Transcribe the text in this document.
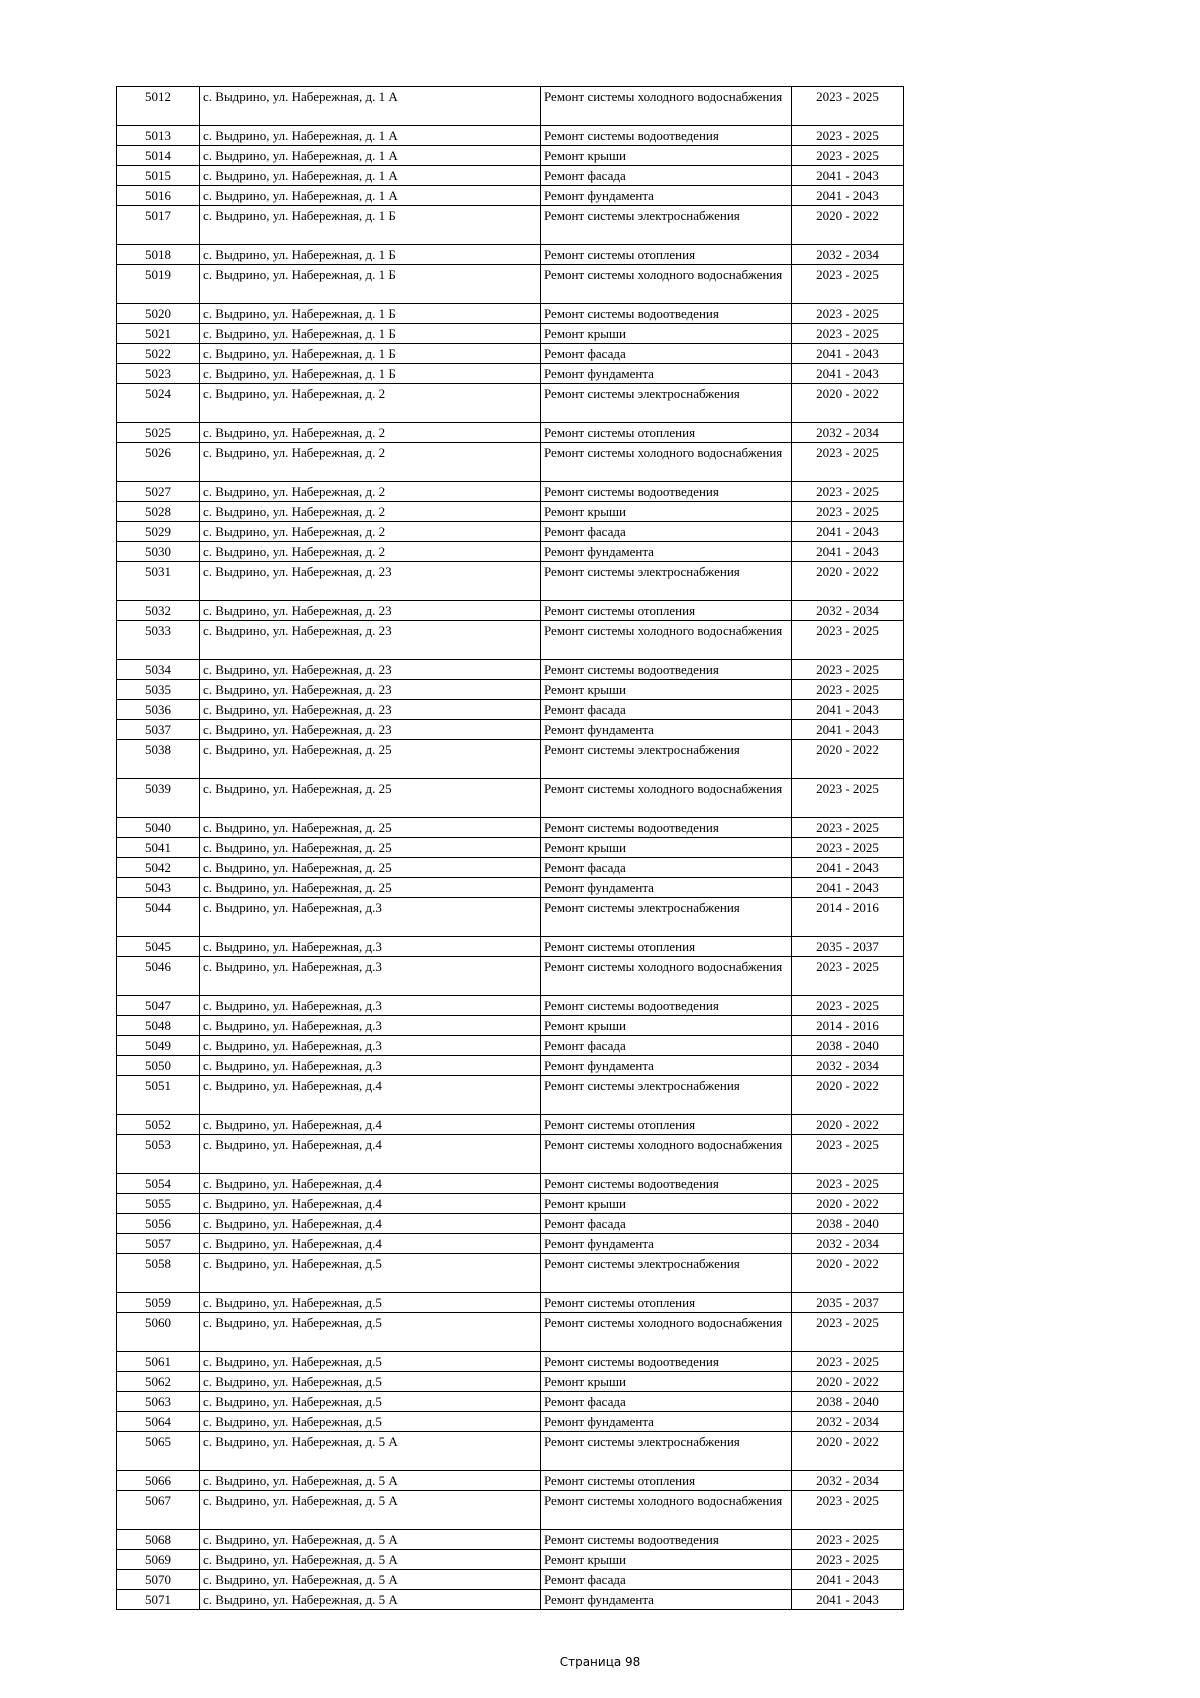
5012	с. Выдрино, ул. Набережная, д. 1 А	Ремонт системы холодного водоснабжения	2023 - 2025
5013	с. Выдрино, ул. Набережная, д. 1 А	Ремонт системы водоотведения	2023 - 2025
5014	с. Выдрино, ул. Набережная, д. 1 А	Ремонт крыши	2023 - 2025
5015	с. Выдрино, ул. Набережная, д. 1 А	Ремонт фасада	2041 - 2043
5016	с. Выдрино, ул. Набережная, д. 1 А	Ремонт фундамента	2041 - 2043
5017	с. Выдрино, ул. Набережная, д. 1 Б	Ремонт системы электроснабжения	2020 - 2022
5018	с. Выдрино, ул. Набережная, д. 1 Б	Ремонт системы отопления	2032 - 2034
5019	с. Выдрино, ул. Набережная, д. 1 Б	Ремонт системы холодного водоснабжения	2023 - 2025
5020	с. Выдрино, ул. Набережная, д. 1 Б	Ремонт системы водоотведения	2023 - 2025
5021	с. Выдрино, ул. Набережная, д. 1 Б	Ремонт крыши	2023 - 2025
5022	с. Выдрино, ул. Набережная, д. 1 Б	Ремонт фасада	2041 - 2043
5023	с. Выдрино, ул. Набережная, д. 1 Б	Ремонт фундамента	2041 - 2043
5024	с. Выдрино, ул. Набережная, д. 2	Ремонт системы электроснабжения	2020 - 2022
5025	с. Выдрино, ул. Набережная, д. 2	Ремонт системы отопления	2032 - 2034
5026	с. Выдрино, ул. Набережная, д. 2	Ремонт системы холодного водоснабжения	2023 - 2025
5027	с. Выдрино, ул. Набережная, д. 2	Ремонт системы водоотведения	2023 - 2025
5028	с. Выдрино, ул. Набережная, д. 2	Ремонт крыши	2023 - 2025
5029	с. Выдрино, ул. Набережная, д. 2	Ремонт фасада	2041 - 2043
5030	с. Выдрино, ул. Набережная, д. 2	Ремонт фундамента	2041 - 2043
5031	с. Выдрино, ул. Набережная, д. 23	Ремонт системы электроснабжения	2020 - 2022
5032	с. Выдрино, ул. Набережная, д. 23	Ремонт системы отопления	2032 - 2034
5033	с. Выдрино, ул. Набережная, д. 23	Ремонт системы холодного водоснабжения	2023 - 2025
5034	с. Выдрино, ул. Набережная, д. 23	Ремонт системы водоотведения	2023 - 2025
5035	с. Выдрино, ул. Набережная, д. 23	Ремонт крыши	2023 - 2025
5036	с. Выдрино, ул. Набережная, д. 23	Ремонт фасада	2041 - 2043
5037	с. Выдрино, ул. Набережная, д. 23	Ремонт фундамента	2041 - 2043
5038	с. Выдрино, ул. Набережная, д. 25	Ремонт системы электроснабжения	2020 - 2022
5039	с. Выдрино, ул. Набережная, д. 25	Ремонт системы холодного водоснабжения	2023 - 2025
5040	с. Выдрино, ул. Набережная, д. 25	Ремонт системы водоотведения	2023 - 2025
5041	с. Выдрино, ул. Набережная, д. 25	Ремонт крыши	2023 - 2025
5042	с. Выдрино, ул. Набережная, д. 25	Ремонт фасада	2041 - 2043
5043	с. Выдрино, ул. Набережная, д. 25	Ремонт фундамента	2041 - 2043
5044	с. Выдрино, ул. Набережная, д.3	Ремонт системы электроснабжения	2014 - 2016
5045	с. Выдрино, ул. Набережная, д.3	Ремонт системы отопления	2035 - 2037
5046	с. Выдрино, ул. Набережная, д.3	Ремонт системы холодного водоснабжения	2023 - 2025
5047	с. Выдрино, ул. Набережная, д.3	Ремонт системы водоотведения	2023 - 2025
5048	с. Выдрино, ул. Набережная, д.3	Ремонт крыши	2014 - 2016
5049	с. Выдрино, ул. Набережная, д.3	Ремонт фасада	2038 - 2040
5050	с. Выдрино, ул. Набережная, д.3	Ремонт фундамента	2032 - 2034
5051	с. Выдрино, ул. Набережная, д.4	Ремонт системы электроснабжения	2020 - 2022
5052	с. Выдрино, ул. Набережная, д.4	Ремонт системы отопления	2020 - 2022
5053	с. Выдрино, ул. Набережная, д.4	Ремонт системы холодного водоснабжения	2023 - 2025
5054	с. Выдрино, ул. Набережная, д.4	Ремонт системы водоотведения	2023 - 2025
5055	с. Выдрино, ул. Набережная, д.4	Ремонт крыши	2020 - 2022
5056	с. Выдрино, ул. Набережная, д.4	Ремонт фасада	2038 - 2040
5057	с. Выдрино, ул. Набережная, д.4	Ремонт фундамента	2032 - 2034
5058	с. Выдрино, ул. Набережная, д.5	Ремонт системы электроснабжения	2020 - 2022
5059	с. Выдрино, ул. Набережная, д.5	Ремонт системы отопления	2035 - 2037
5060	с. Выдрино, ул. Набережная, д.5	Ремонт системы холодного водоснабжения	2023 - 2025
5061	с. Выдрино, ул. Набережная, д.5	Ремонт системы водоотведения	2023 - 2025
5062	с. Выдрино, ул. Набережная, д.5	Ремонт крыши	2020 - 2022
5063	с. Выдрино, ул. Набережная, д.5	Ремонт фасада	2038 - 2040
5064	с. Выдрино, ул. Набережная, д.5	Ремонт фундамента	2032 - 2034
5065	с. Выдрино, ул. Набережная, д. 5 А	Ремонт системы электроснабжения	2020 - 2022
5066	с. Выдрино, ул. Набережная, д. 5 А	Ремонт системы отопления	2032 - 2034
5067	с. Выдрино, ул. Набережная, д. 5 А	Ремонт системы холодного водоснабжения	2023 - 2025
5068	с. Выдрино, ул. Набережная, д. 5 А	Ремонт системы водоотведения	2023 - 2025
5069	с. Выдрино, ул. Набережная, д. 5 А	Ремонт крыши	2023 - 2025
5070	с. Выдрино, ул. Набережная, д. 5 А	Ремонт фасада	2041 - 2043
5071	с. Выдрино, ул. Набережная, д. 5 А	Ремонт фундамента	2041 - 2043
Страница 98
